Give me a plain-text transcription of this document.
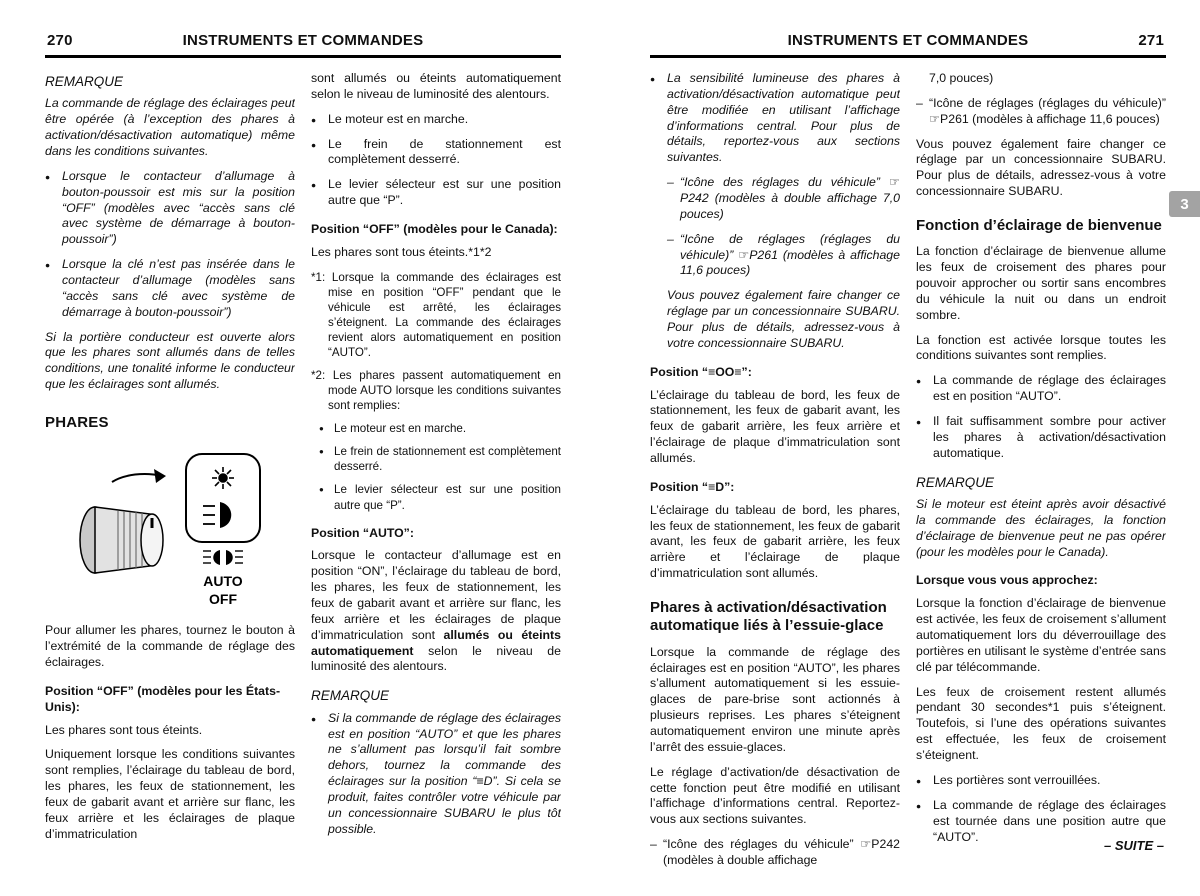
270	INSTRUMENTS ET COMMANDES
REMARQUE

La commande de réglage des éclairages peut être opérée (à l’exception des phares à activation/désactivation automatique) même dans les conditions suivantes.

● Lorsque le contacteur d’allumage à bouton-poussoir est mis sur la position “OFF” (modèles avec “accès sans clé avec système de démarrage à bouton-poussoir”)
● Lorsque la clé n’est pas insérée dans le contacteur d’allumage (modèles sans “accès sans clé avec système de démarrage à bouton-poussoir”)

Si la portière conducteur est ouverte alors que les phares sont allumés dans de telles conditions, une tonalité informe le conducteur que les éclairages sont allumés.

PHARES
AUTO
OFF

Pour allumer les phares, tournez le bouton à l’extrémité de la commande de réglage des éclairages.

Position “OFF” (modèles pour les États-Unis):

Les phares sont tous éteints.

Uniquement lorsque les conditions suivantes sont remplies, l’éclairage du tableau de bord, les phares, les feux de stationnement, les feux de gabarit avant et arrière sur flanc, les feux arrière et les éclairages de plaque d’immatriculation

sont allumés ou éteints automatiquement selon le niveau de luminosité des alentours.

● Le moteur est en marche.
● Le frein de stationnement est complètement desserré.
● Le levier sélecteur est sur une position autre que “P”.
Position “OFF” (modèles pour le Canada):

Les phares sont tous éteints.*1*2

*1: Lorsque la commande des éclairages est mise en position “OFF” pendant que le véhicule est arrêté, les éclairages s’éteignent. La commande des éclairages revient alors automatiquement en position “AUTO”.

*2: Les phares passent automatiquement en mode AUTO lorsque les conditions suivantes sont remplies:

● Le moteur est en marche.
● Le frein de stationnement est complètement desserré.
● Le levier sélecteur est sur une position autre que “P”.
Position “AUTO”:

Lorsque le contacteur d’allumage est en position “ON”, l’éclairage du tableau de bord, les phares, les feux de stationnement, les feux de gabarit avant et arrière sur flanc, les feux arrière et les éclairages de plaque d’immatriculation sont allumés ou éteints automatiquement selon le niveau de luminosité des alentours.

REMARQUE
● Si la commande de réglage des éclairages est en position “AUTO” et que les phares ne s’allument pas lorsqu’il fait sombre dehors, tournez la commande des éclairages sur la position “≡D”. Si cela se produit, faites contrôler votre véhicule par un concessionnaire SUBARU le plus tôt possible.
INSTRUMENTS ET COMMANDES	271
● La sensibilité lumineuse des phares à activation/désactivation automatique peut être modifiée en utilisant l’affichage d’informations central. Pour plus de détails, reportez-vous aux sections suivantes.
– “Icône des réglages du véhicule” ☞P242 (modèles à double affichage 7,0 pouces)
– “Icône de réglages (réglages du véhicule)” ☞P261 (modèles à affichage 11,6 pouces)

Vous pouvez également faire changer ce réglage par un concessionnaire SUBARU. Pour plus de détails, adressez-vous à votre concessionnaire SUBARU.

Position “≡OO≡”:

L’éclairage du tableau de bord, les feux de stationnement, les feux de gabarit avant, les feux de gabarit arrière, les feux arrière et l’éclairage de plaque d’immatriculation sont allumés.

Position “≡D”:

L’éclairage du tableau de bord, les phares, les feux de stationnement, les feux de gabarit avant, les feux de gabarit arrière, les feux arrière et l’éclairage de plaque d’immatriculation sont allumés.

Phares à activation/désactivation automatique liés à l’essuie-glace

Lorsque la commande de réglage des éclairages est en position “AUTO”, les phares s’allument automatiquement si les essuie-glaces de pare-brise sont actionnés à plusieurs reprises. Les phares s’éteignent automatiquement environ une minute après l’arrêt des essuie-glaces.

Le réglage d’activation/de désactivation de cette fonction peut être modifié en utilisant l’affichage d’informations central. Reportez-vous aux sections suivantes.

– “Icône des réglages du véhicule” ☞P242 (modèles à double affichage

7,0 pouces)

– “Icône de réglages (réglages du véhicule)” ☞P261 (modèles à affichage 11,6 pouces)

Vous pouvez également faire changer ce réglage par un concessionnaire SUBARU. Pour plus de détails, adressez-vous à votre concessionnaire SUBARU.

Fonction d’éclairage de bienvenue

La fonction d’éclairage de bienvenue allume les feux de croisement des phares pour pouvoir approcher ou sortir sans encombres du véhicule la nuit ou dans un endroit sombre.

La fonction est activée lorsque toutes les conditions suivantes sont remplies.

● La commande de réglage des éclairages est en position “AUTO”.
● Il fait suffisamment sombre pour activer les phares à activation/désactivation automatique.
REMARQUE

Si le moteur est éteint après avoir désactivé la commande des éclairages, la fonction d’éclairage de bienvenue peut ne pas opérer (pour les modèles pour le Canada).

Lorsque vous vous approchez:

Lorsque la fonction d’éclairage de bienvenue est activée, les feux de croisement s’allument automatiquement lors du déverrouillage des portières en utilisant le système d’entrée sans clé par télécommande.

Les feux de croisement restent allumés pendant 30 secondes*1 puis s’éteignent. Toutefois, si l’une des opérations suivantes est effectuée, les feux de croisement s’éteignent.

● Les portières sont verrouillées.
● La commande de réglage des éclairages est tournée dans une position autre que “AUTO”.
– SUITE –
3
